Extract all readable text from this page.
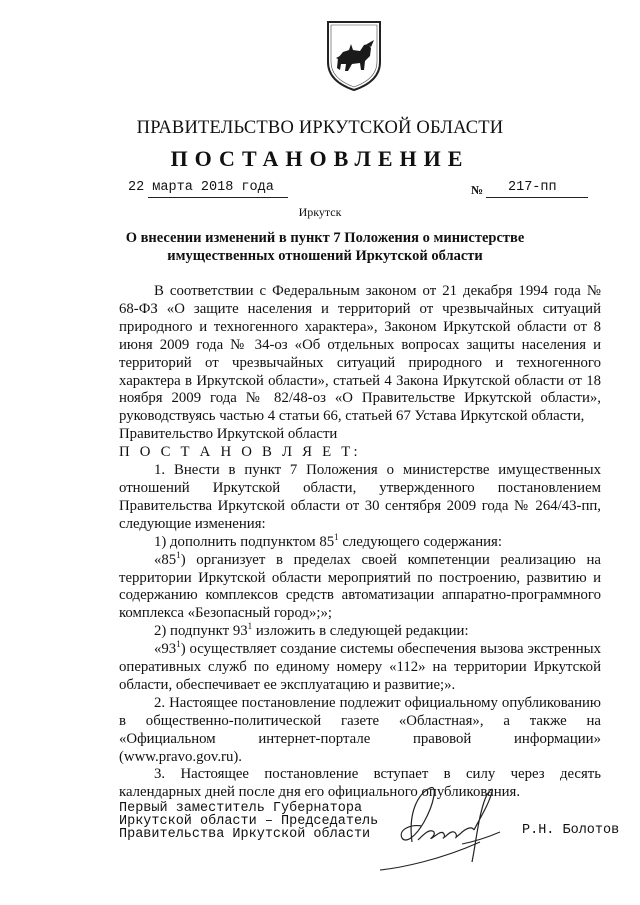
ПРАВИТЕЛЬСТВО ИРКУТСКОЙ ОБЛАСТИ
ПОСТАНОВЛЕНИЕ
22 марта 2018 года	№ 217-пп
Иркутск
О внесении изменений в пункт 7 Положения о министерстве имущественных отношений Иркутской области

В соответствии с Федеральным законом от 21 декабря 1994 года № 68-ФЗ «О защите населения и территорий от чрезвычайных ситуаций природного и техногенного характера», Законом Иркутской области от 8 июня 2009 года № 34-оз «Об отдельных вопросах защиты населения и территорий от чрезвычайных ситуаций природного и техногенного характера в Иркутской области», статьей 4 Закона Иркутской области от 18 ноября 2009 года № 82/48-оз «О Правительстве Иркутской области», руководствуясь частью 4 статьи 66, статьей 67 Устава Иркутской области,

Правительство Иркутской области

П О С Т А Н О В Л Я Е Т:

1. Внести в пункт 7 Положения о министерстве имущественных отношений Иркутской области, утвержденного постановлением Правительства Иркутской области от 30 сентября 2009 года № 264/43-пп, следующие изменения:

1) дополнить подпунктом $85^1$ следующего содержания:

«$85^1$) организует в пределах своей компетенции реализацию на территории Иркутской области мероприятий по построению, развитию и содержанию комплексов средств автоматизации аппаратно-программного комплекса «Безопасный город»;»;

2) подпункт $93^1$ изложить в следующей редакции:

«$93^1$) осуществляет создание системы обеспечения вызова экстренных оперативных служб по единому номеру «112» на территории Иркутской области, обеспечивает ее эксплуатацию и развитие;».

2. Настоящее постановление подлежит официальному опубликованию в общественно-политической газете «Областная», а также на «Официальном интернет-портале правовой информации» (www.pravo.gov.ru).

3. Настоящее постановление вступает в силу через десять календарных дней после дня его официального опубликования.

Первый заместитель Губернатора
Иркутской области – Председатель
Правительства Иркутской области	Р.Н. Болотов
